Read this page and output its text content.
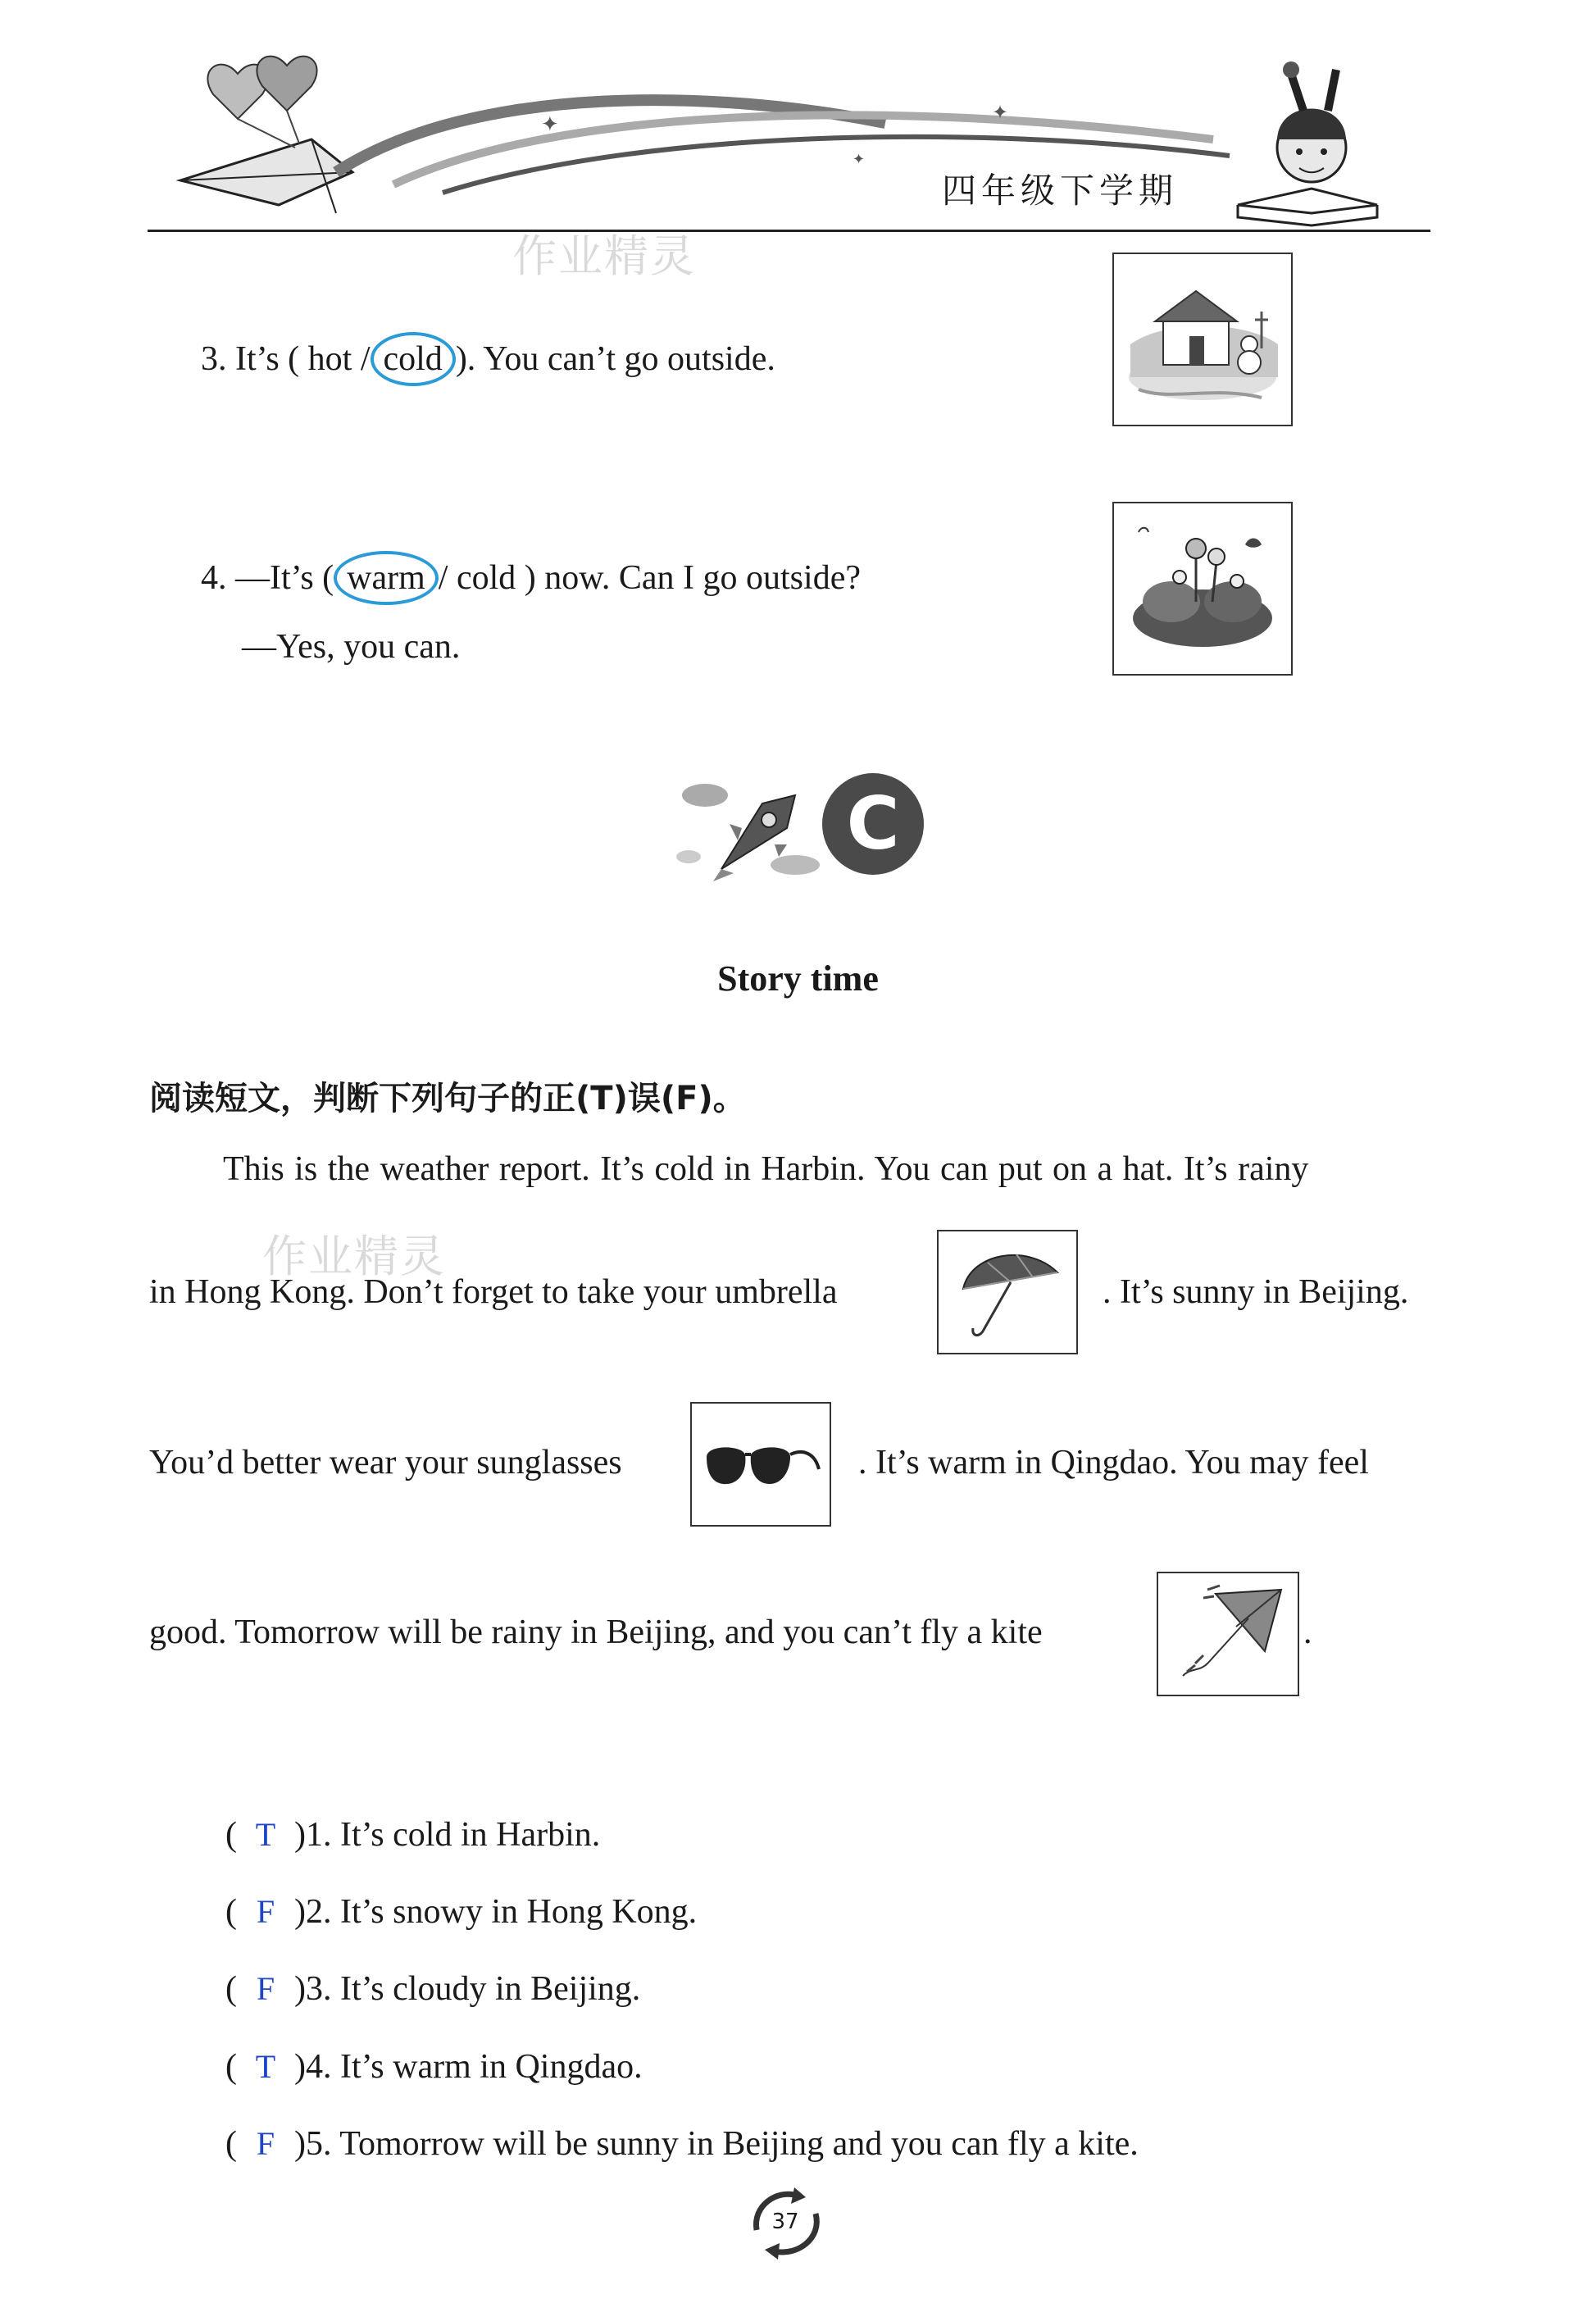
✦	✦
✦
四年级下学期
作业精灵
作业精灵
3. It’s ( hot / cold ). You can’t go outside.
4. —It’s ( warm / cold ) now. Can I go outside?
—Yes, you can.
C
Story time
阅读短文，判断下列句子的正(T)误(F)。
This is the weather report. It’s cold in Harbin. You can put on a hat. It’s rainy
in Hong Kong. Don’t forget to take your umbrella	. It’s sunny in Beijing.
You’d better wear your sunglasses	. It’s warm in Qingdao. You may feel
good. Tomorrow will be rainy in Beijing, and you can’t fly a kite	.
( T )1. It’s cold in Harbin.
( F )2. It’s snowy in Hong Kong.
( F )3. It’s cloudy in Beijing.
( T )4. It’s warm in Qingdao.
( F )5. Tomorrow will be sunny in Beijing and you can fly a kite.
37
